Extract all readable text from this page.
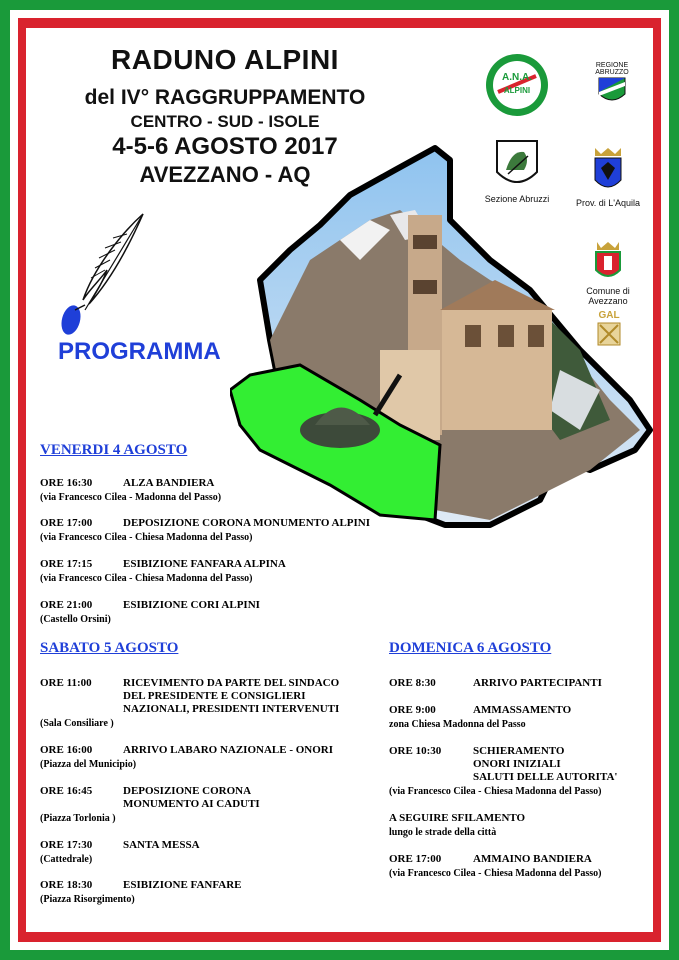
RADUNO ALPINI
del IV° RAGGRUPPAMENTO
CENTRO - SUD - ISOLE
4-5-6 AGOSTO 2017
AVEZZANO - AQ
PROGRAMMA
A.N.A.
ALPINI
REGIONE
ABRUZZO
Sezione Abruzzi	Prov. di L'Aquila
Comune di Avezzano
GAL
VENERDI 4 AGOSTO
ORE 16:30	ALZA BANDIERA
(via Francesco Cilea - Madonna del Passo)
ORE 17:00	DEPOSIZIONE CORONA MONUMENTO ALPINI
(via Francesco Cilea - Chiesa Madonna del Passo)
ORE 17:15	ESIBIZIONE FANFARA ALPINA
(via Francesco Cilea - Chiesa Madonna del Passo)
ORE 21:00	ESIBIZIONE CORI ALPINI
(Castello Orsini)
SABATO 5 AGOSTO
ORE 11:00	RICEVIMENTO DA PARTE DEL SINDACO
DEL PRESIDENTE E CONSIGLIERI
NAZIONALI, PRESIDENTI INTERVENUTI
(Sala Consiliare )
ORE 16:00	ARRIVO LABARO NAZIONALE - ONORI
(Piazza del Municipio)
ORE 16:45	DEPOSIZIONE CORONA
MONUMENTO AI CADUTI
(Piazza Torlonia )
ORE 17:30	SANTA MESSA
(Cattedrale)
ORE 18:30	ESIBIZIONE FANFARE
(Piazza Risorgimento)
DOMENICA 6 AGOSTO
ORE 8:30	ARRIVO PARTECIPANTI
ORE 9:00	AMMASSAMENTO
zona Chiesa Madonna del Passo
ORE 10:30	SCHIERAMENTO
ONORI INIZIALI
SALUTI DELLE AUTORITA'
(via Francesco Cilea - Chiesa Madonna del Passo)
A SEGUIRE SFILAMENTO
lungo le strade della città
ORE 17:00	AMMAINO BANDIERA
(via Francesco Cilea - Chiesa Madonna del Passo)
